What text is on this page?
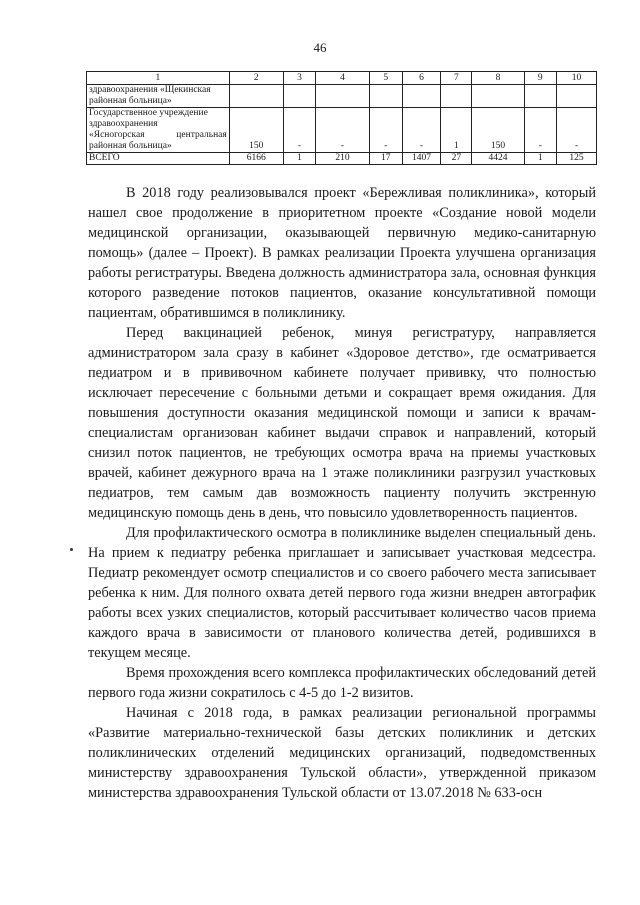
46
1	2	3	4	5	6	7	8	9	10

здравоохранения «Щекинская
районная больница»									

Государственное учреждение
здравоохранения
«Ясногорская центральная
районная больница»	150	-	-	-	-	1	150	-	-

ВСЕГО	6166	1	210	17	1407	27	4424	1	125

В 2018 году реализовывался проект «Бережливая поликлиника», который нашел свое продолжение в приоритетном проекте «Создание новой модели медицинской организации, оказывающей первичную медико-санитарную помощь» (далее – Проект). В рамках реализации Проекта улучшена организация работы регистратуры. Введена должность администратора зала, основная функция которого разведение потоков пациентов, оказание консультативной помощи пациентам, обратившимся в поликлинику.

Перед вакцинацией ребенок, минуя регистратуру, направляется администратором зала сразу в кабинет «Здоровое детство», где осматривается педиатром и в прививочном кабинете получает прививку, что полностью исключает пересечение с больными детьми и сокращает время ожидания. Для повышения доступности оказания медицинской помощи и записи к врачам-специалистам организован кабинет выдачи справок и направлений, который снизил поток пациентов, не требующих осмотра врача на приемы участковых врачей, кабинет дежурного врача на 1 этаже поликлиники разгрузил участковых педиатров, тем самым дав возможность пациенту получить экстренную медицинскую помощь день в день, что повысило удовлетворенность пациентов.

Для профилактического осмотра в поликлинике выделен специальный день. На прием к педиатру ребенка приглашает и записывает участковая медсестра. Педиатр рекомендует осмотр специалистов и со своего рабочего места записывает ребенка к ним. Для полного охвата детей первого года жизни внедрен автографик работы всех узких специалистов, который рассчитывает количество часов приема каждого врача в зависимости от планового количества детей, родившихся в текущем месяце.

Время прохождения всего комплекса профилактических обследований детей первого года жизни сократилось с 4-5 до 1-2 визитов.

Начиная с 2018 года, в рамках реализации региональной программы «Развитие материально-технической базы детских поликлиник и детских поликлинических отделений медицинских организаций, подведомственных министерству здравоохранения Тульской области», утвержденной приказом министерства здравоохранения Тульской области от 13.07.2018 № 633-осн
